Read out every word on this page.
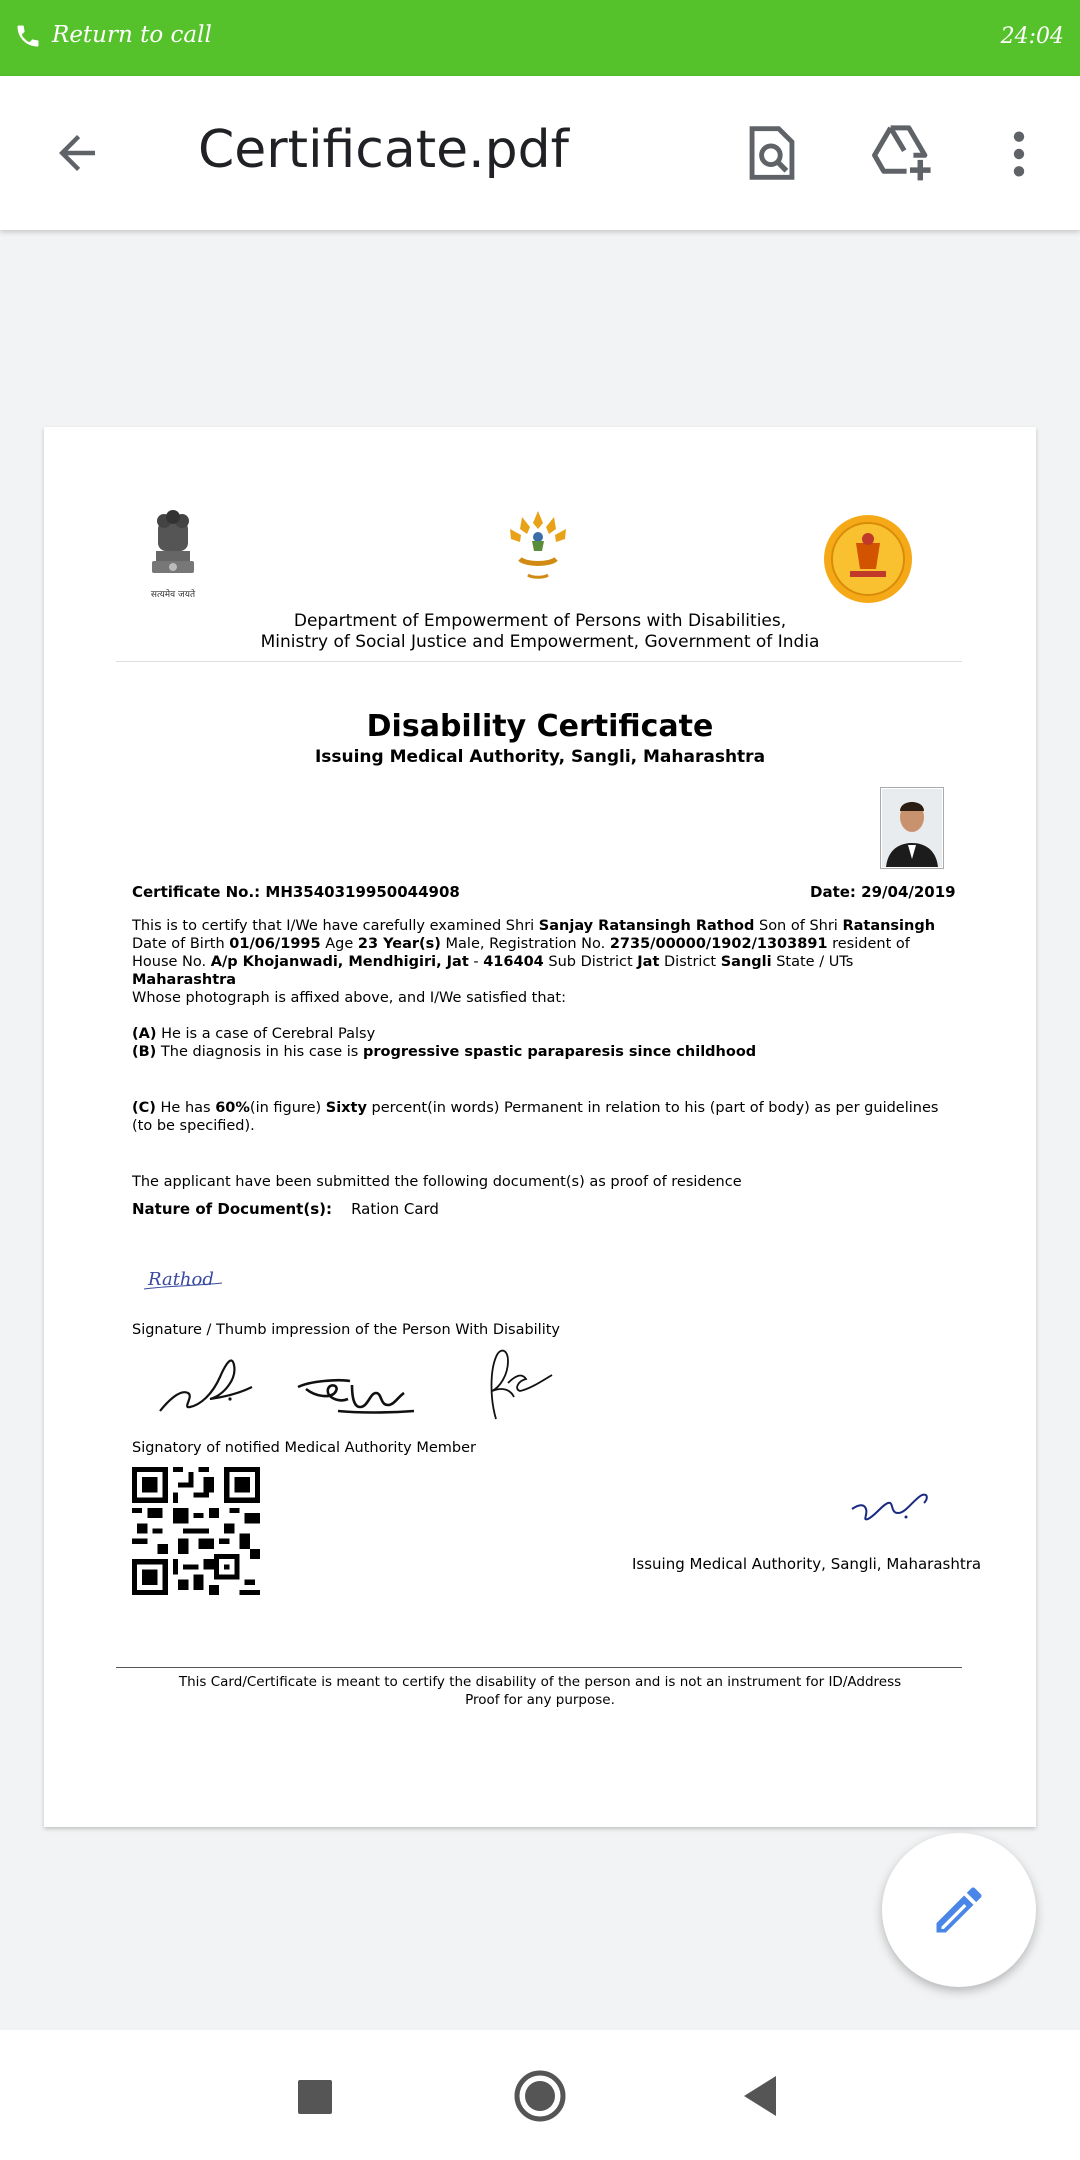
Return to call	24:04
Certificate.pdf
सत्यमेव जयते
Department of Empowerment of Persons with Disabilities,
Ministry of Social Justice and Empowerment, Government of India
Disability Certificate
Issuing Medical Authority, Sangli, Maharashtra
Certificate No.: MH3540319950044908	Date: 29/04/2019
This is to certify that I/We have carefully examined Shri Sanjay Ratansingh Rathod Son of Shri Ratansingh Date of Birth 01/06/1995 Age 23 Year(s) Male, Registration No. 2735/00000/1902/1303891 resident of House No. A/p Khojanwadi, Mendhigiri, Jat - 416404 Sub District Jat District Sangli State / UTs Maharashtra
Whose photograph is affixed above, and I/We satisfied that:
(A) He is a case of Cerebral Palsy
(B) The diagnosis in his case is progressive spastic paraparesis since childhood
(C) He has 60%(in figure) Sixty percent(in words) Permanent in relation to his (part of body) as per guidelines (to be specified).
The applicant have been submitted the following document(s) as proof of residence
Nature of Document(s): Ration Card
Rathod
Signature / Thumb impression of the Person With Disability
Signatory of notified Medical Authority Member
Issuing Medical Authority, Sangli, Maharashtra
This Card/Certificate is meant to certify the disability of the person and is not an instrument for ID/Address Proof for any purpose.
